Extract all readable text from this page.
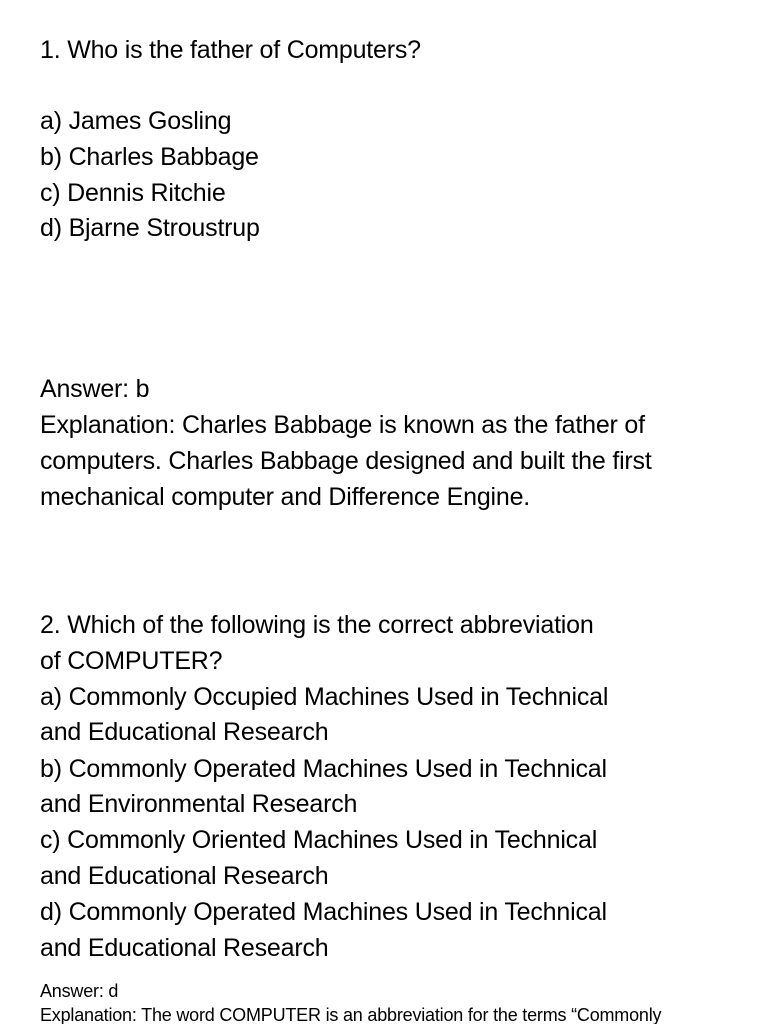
1. Who is the father of Computers?
a) James Gosling
b) Charles Babbage
c) Dennis Ritchie
d) Bjarne Stroustrup
Answer: b
Explanation: Charles Babbage is known as the father of
computers. Charles Babbage designed and built the first
mechanical computer and Difference Engine.
2. Which of the following is the correct abbreviation
of COMPUTER?
a) Commonly Occupied Machines Used in Technical
and Educational Research
b) Commonly Operated Machines Used in Technical
and Environmental Research
c) Commonly Oriented Machines Used in Technical
and Educational Research
d) Commonly Operated Machines Used in Technical
and Educational Research
Answer: d
Explanation: The word COMPUTER is an abbreviation for the terms “Commonly
